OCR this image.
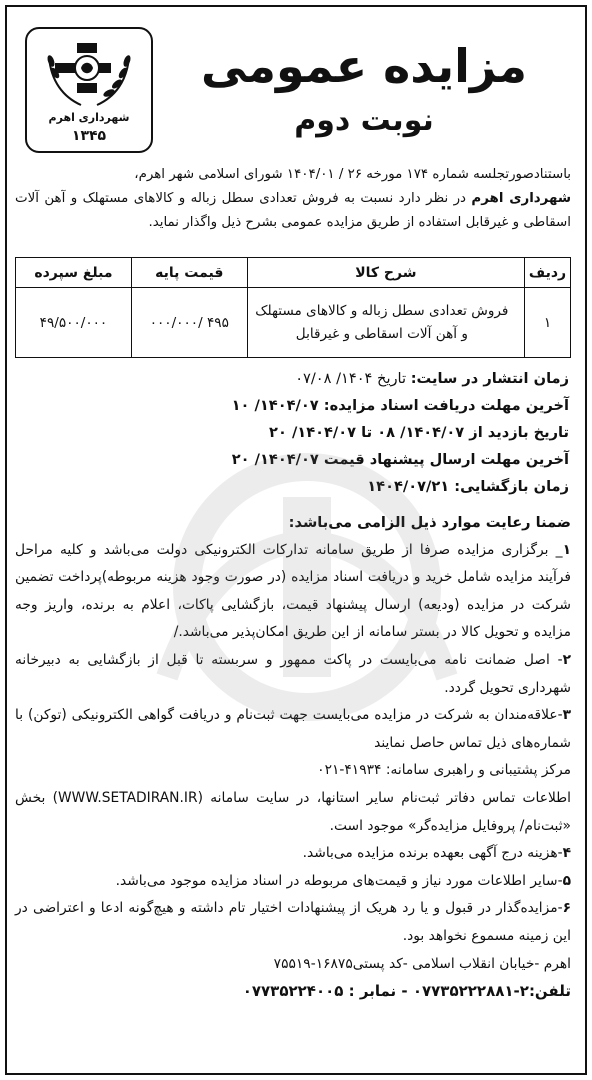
شهرداری اهرم
۱۳۴۵
مزایده عمومی
نوبت دوم
باستنادصورتجلسه شماره ۱۷۴ مورخه ۲۶ / ۱۴۰۴/۰۱ شورای اسلامی شهر اهرم،
شهرداری اهرم در نظر دارد نسبت به فروش تعدادی سطل زباله و کالاهای مستهلک و آهن آلات اسقاطی و غیرقابل استفاده از طریق مزایده عمومی بشرح ذیل واگذار نماید.
ردیف	شرح کالا	قیمت پایه	مبلغ سپرده
۱	فروش تعدادی سطل زباله و کالاهای مستهلک
و آهن آلات اسقاطی و غیرقابل	۴۹۵ /۰۰۰/۰۰۰	۴۹/۵۰۰/۰۰۰
زمان انتشار در سایت: تاریخ ۱۴۰۴/ ۰۷/۰۸
آخرین مهلت دریافت اسناد مزایده: ۱۴۰۴/۰۷/ ۱۰
تاریخ بازدید از ۱۴۰۴/۰۷/ ۰۸ تا ۱۴۰۴/۰۷/ ۲۰
آخرین مهلت ارسال پیشنهاد قیمت ۱۴۰۴/۰۷/ ۲۰
زمان بازگشایی: ۱۴۰۴/۰۷/۲۱
ضمنا رعایت موارد ذیل الزامی می‌باشد:
۱_ برگزاری مزایده صرفا از طریق سامانه تدارکات الکترونیکی دولت می‌باشد و کلیه مراحل فرآیند مزایده شامل خرید و دریافت اسناد مزایده (در صورت وجود هزینه مربوطه)پرداخت تضمین شرکت در مزایده (ودیعه) ارسال پیشنهاد قیمت، بازگشایی پاکات، اعلام به برنده، واریز وجه مزایده و تحویل کالا در بستر سامانه از این طریق امکان‌پذیر می‌باشد./
۲- اصل ضمانت نامه می‌بایست در پاکت ممهور و سربسته تا قبل از بازگشایی به دبیرخانه شهرداری تحویل گردد.
۳-علاقه‌مندان به شرکت در مزایده می‌بایست جهت ثبت‌نام و دریافت گواهی الکترونیکی (توکن) با شماره‌های ذیل تماس حاصل نمایند
مرکز پشتیبانی و راهبری سامانه: ۴۱۹۳۴-۰۲۱
اطلاعات تماس دفاتر ثبت‌نام سایر استانها، در سایت سامانه (WWW.SETADIRAN.IR) بخش «ثبت‌نام/ پروفایل مزایده‌گر» موجود است.
۴-هزینه درج آگهی بعهده برنده مزایده می‌باشد.
۵-سایر اطلاعات مورد نیاز و قیمت‌های مربوطه در اسناد مزایده موجود می‌باشد.
۶-مزایده‌گذار در قبول و یا رد هریک از پیشنهادات اختیار تام داشته و هیچ‌گونه ادعا و اعتراضی در این زمینه مسموع نخواهد بود.
اهرم -خیابان انقلاب اسلامی -کد پستی۱۶۸۷۵-۷۵۵۱۹
تلفن:۲-۰۷۷۳۵۲۲۲۸۸۱ - نمابر : ۰۷۷۳۵۲۲۴۰۰۵
